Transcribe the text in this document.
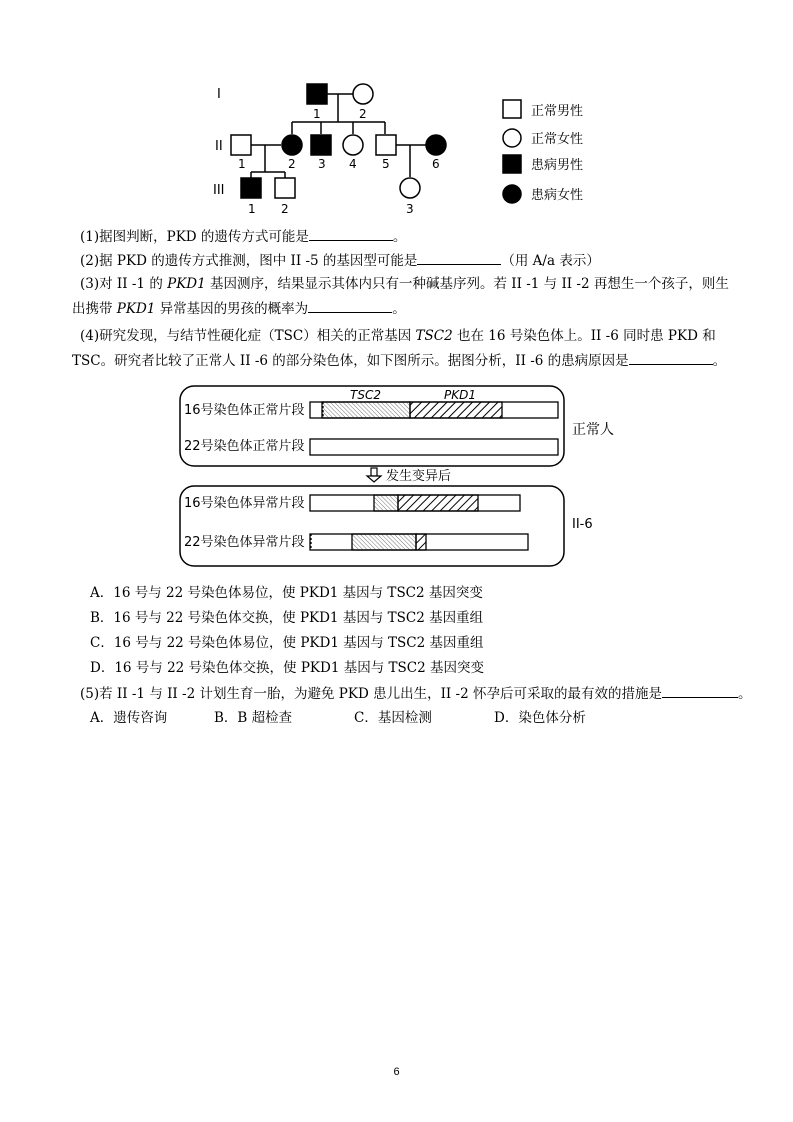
I
II
III
1	2
1	2 3 4 5	6
1 2	3
正常男性
正常女性
患病男性
患病女性
(1)据图判断，PKD 的遗传方式可能是	。
(2)据 PKD 的遗传方式推测，图中 II -5 的基因型可能是	（用 A/a 表示）
(3)对 II -1 的 PKD1 基因测序，结果显示其体内只有一种碱基序列。若 II -1 与 II -2 再想生一个孩子，则生
出携带 PKD1 异常基因的男孩的概率为	。
(4)研究发现，与结节性硬化症（TSC）相关的正常基因 TSC2 也在 16 号染色体上。II -6 同时患 PKD 和
TSC。研究者比较了正常人 II -6 的部分染色体，如下图所示。据图分析，II -6 的患病原因是	。
TSC2	PKD1
16号染色体正常片段
22号染色体正常片段
正常人
发生变异后
16号染色体异常片段
22号染色体异常片段
II-6
A．16 号与 22 号染色体易位，使 PKD1 基因与 TSC2 基因突变
B．16 号与 22 号染色体交换，使 PKD1 基因与 TSC2 基因重组
C．16 号与 22 号染色体易位，使 PKD1 基因与 TSC2 基因重组
D．16 号与 22 号染色体交换，使 PKD1 基因与 TSC2 基因突变
(5)若 II -1 与 II -2 计划生育一胎，为避免 PKD 患儿出生，II -2 怀孕后可采取的最有效的措施是	。
A．遗传咨询	B．B 超检查	C．基因检测	D．染色体分析
6
